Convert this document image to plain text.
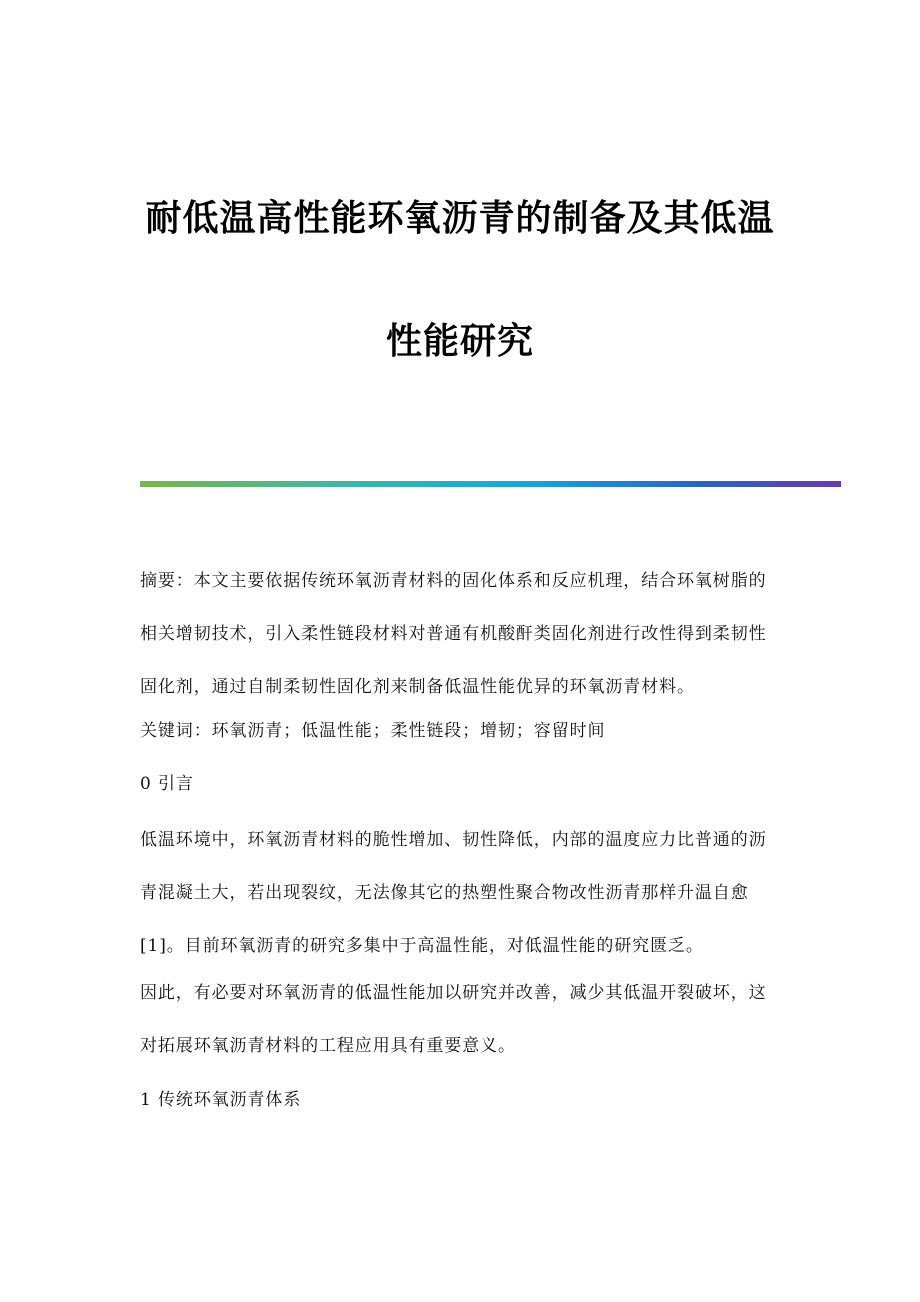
耐低温高性能环氧沥青的制备及其低温
性能研究

摘要：本文主要依据传统环氧沥青材料的固化体系和反应机理，结合环氧树脂的相关增韧技术，引入柔性链段材料对普通有机酸酐类固化剂进行改性得到柔韧性固化剂，通过自制柔韧性固化剂来制备低温性能优异的环氧沥青材料。

关键词：环氧沥青；低温性能；柔性链段；增韧；容留时间

0 引言

低温环境中，环氧沥青材料的脆性增加、韧性降低，内部的温度应力比普通的沥青混凝土大，若出现裂纹，无法像其它的热塑性聚合物改性沥青那样升温自愈[1]。目前环氧沥青的研究多集中于高温性能，对低温性能的研究匮乏。

因此，有必要对环氧沥青的低温性能加以研究并改善，减少其低温开裂破坏，这对拓展环氧沥青材料的工程应用具有重要意义。

1 传统环氧沥青体系
